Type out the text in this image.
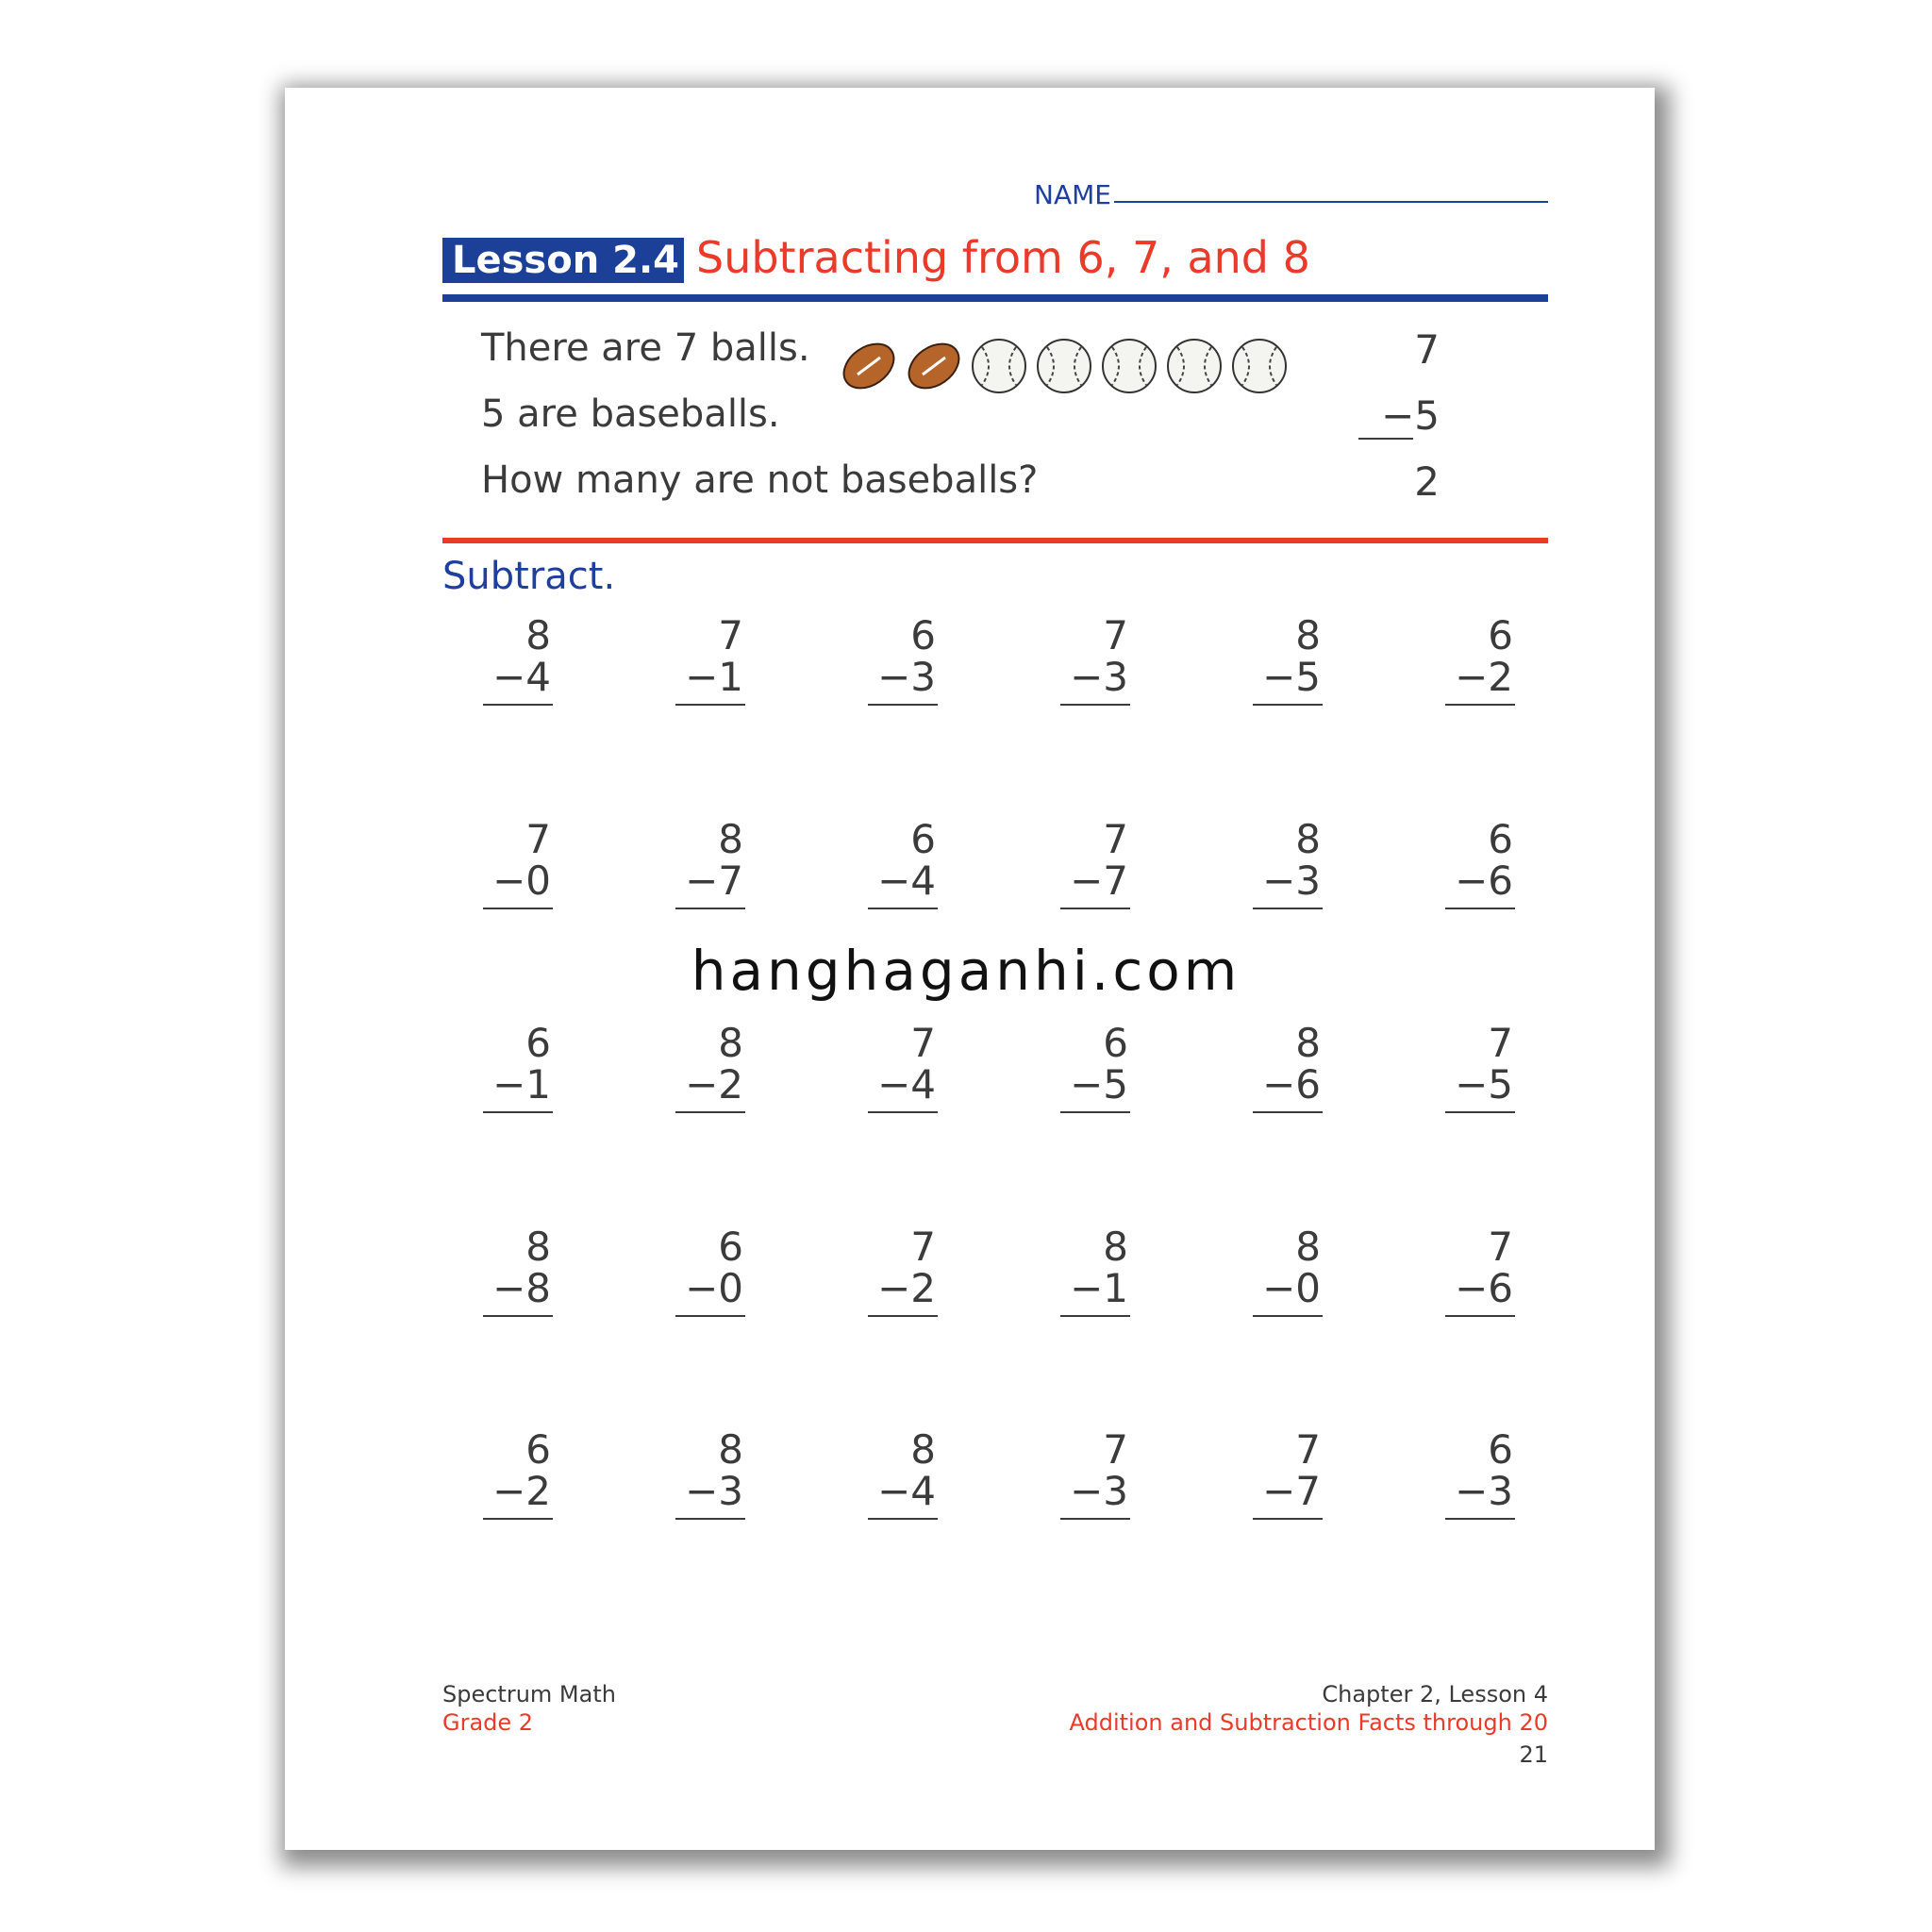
NAME
Lesson 2.4 Subtracting from 6, 7, and 8
There are 7 balls.
5 are baseballs.
How many are not baseballs?
7
−5
2
Subtract.
8
−4
7
−1
6
−3
7
−3
8
−5
6
−2
7
−0
8
−7
6
−4
7
−7
8
−3
6
−6
6
−1
8
−2
7
−4
6
−5
8
−6
7
−5
8
−8
6
−0
7
−2
8
−1
8
−0
7
−6
6
−2
8
−3
8
−4
7
−3
7
−7
6
−3
hanghaganhi.com
Spectrum Math
Grade 2
Chapter 2, Lesson 4
Addition and Subtraction Facts through 20
21
